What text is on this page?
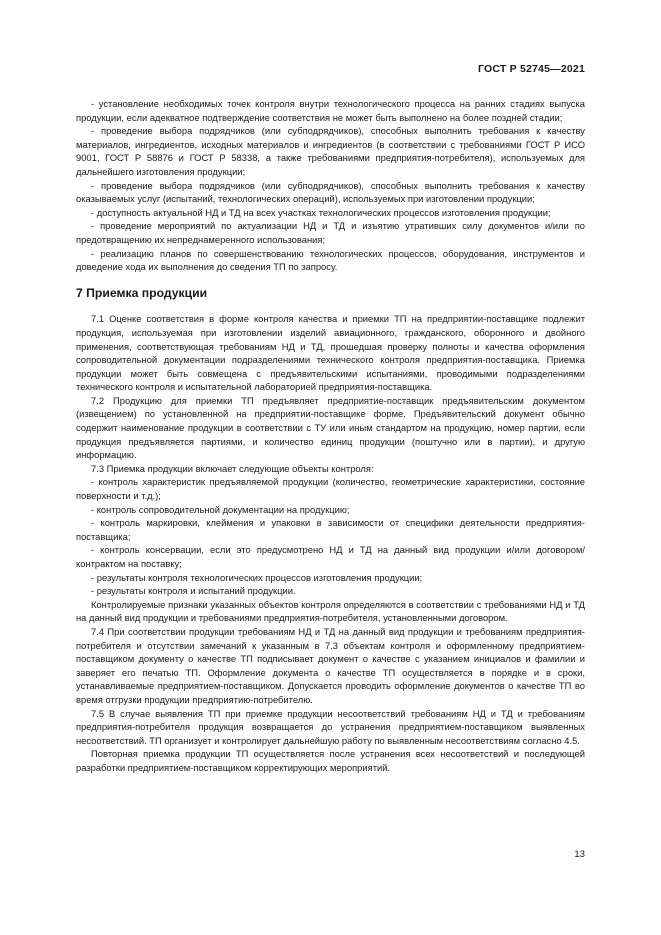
ГОСТ Р 52745—2021

- установление необходимых точек контроля внутри технологического процесса на ранних стадиях выпуска продукции, если адекватное подтверждение соответствия не может быть выполнено на более поздней стадии;

- проведение выбора подрядчиков (или субподрядчиков), способных выполнить требования к качеству материалов, ингредиентов, исходных материалов и ингредиентов (в соответствии с требованиями ГОСТ Р ИСО 9001, ГОСТ Р 58876 и ГОСТ Р 58338, а также требованиями предприятия-потребителя), используемых для дальнейшего изготовления продукции;

- проведение выбора подрядчиков (или субподрядчиков), способных выполнить требования к качеству оказываемых услуг (испытаний, технологических операций), используемых при изготовлении продукции;

- доступность актуальной НД и ТД на всех участках технологических процессов изготовления продукции;

- проведение мероприятий по актуализации НД и ТД и изъятию утративших силу документов и/или по предотвращению их непреднамеренного использования;

- реализацию планов по совершенствованию технологических процессов, оборудования, инструментов и доведение хода их выполнения до сведения ТП по запросу.

7 Приемка продукции

7.1 Оценке соответствия в форме контроля качества и приемки ТП на предприятии-поставщике подлежит продукция, используемая при изготовлении изделий авиационного, гражданского, оборонного и двойного применения, соответствующая требованиям НД и ТД, прошедшая проверку полноты и качества оформления сопроводительной документации подразделениями технического контроля предприятия-поставщика. Приемка продукции может быть совмещена с предъявительскими испытаниями, проводимыми подразделениями технического контроля и испытательной лабораторией предприятия-поставщика.

7.2 Продукцию для приемки ТП предъявляет предприятие-поставщик предъявительским документом (извещением) по установленной на предприятии-поставщике форме. Предъявительский документ обычно содержит наименование продукции в соответствии с ТУ или иным стандартом на продукцию, номер партии, если продукция предъявляется партиями, и количество единиц продукции (поштучно или в партии), и другую информацию.

7.3 Приемка продукции включает следующие объекты контроля:

- контроль характеристик предъявляемой продукции (количество, геометрические характеристики, состояние поверхности и т.д.);

- контроль сопроводительной документации на продукцию;

- контроль маркировки, клеймения и упаковки в зависимости от специфики деятельности предприятия-поставщика;

- контроль консервации, если это предусмотрено НД и ТД на данный вид продукции и/или договором/контрактом на поставку;

- результаты контроля технологических процессов изготовления продукции;

- результаты контроля и испытаний продукции.

Контролируемые признаки указанных объектов контроля определяются в соответствии с требованиями НД и ТД на данный вид продукции и требованиями предприятия-потребителя, установленными договором.

7.4 При соответствии продукции требованиям НД и ТД на данный вид продукции и требованиям предприятия-потребителя и отсутствии замечаний к указанным в 7.3 объектам контроля и оформленному предприятием-поставщиком документу о качестве ТП подписывает документ о качестве с указанием инициалов и фамилии и заверяет его печатью ТП. Оформление документа о качестве ТП осуществляется в порядке и в сроки, устанавливаемые предприятием-поставщиком. Допускается проводить оформление документов о качестве ТП во время отгрузки продукции предприятию-потребителю.

7.5 В случае выявления ТП при приемке продукции несоответствий требованиям НД и ТД и требованиям предприятия-потребителя продукция возвращается до устранения предприятием-поставщиком выявленных несоответствий. ТП организует и контролирует дальнейшую работу по выявленным несоответствиям согласно 4.5.

Повторная приемка продукции ТП осуществляется после устранения всех несоответствий и последующей разработки предприятием-поставщиком корректирующих мероприятий.

13
